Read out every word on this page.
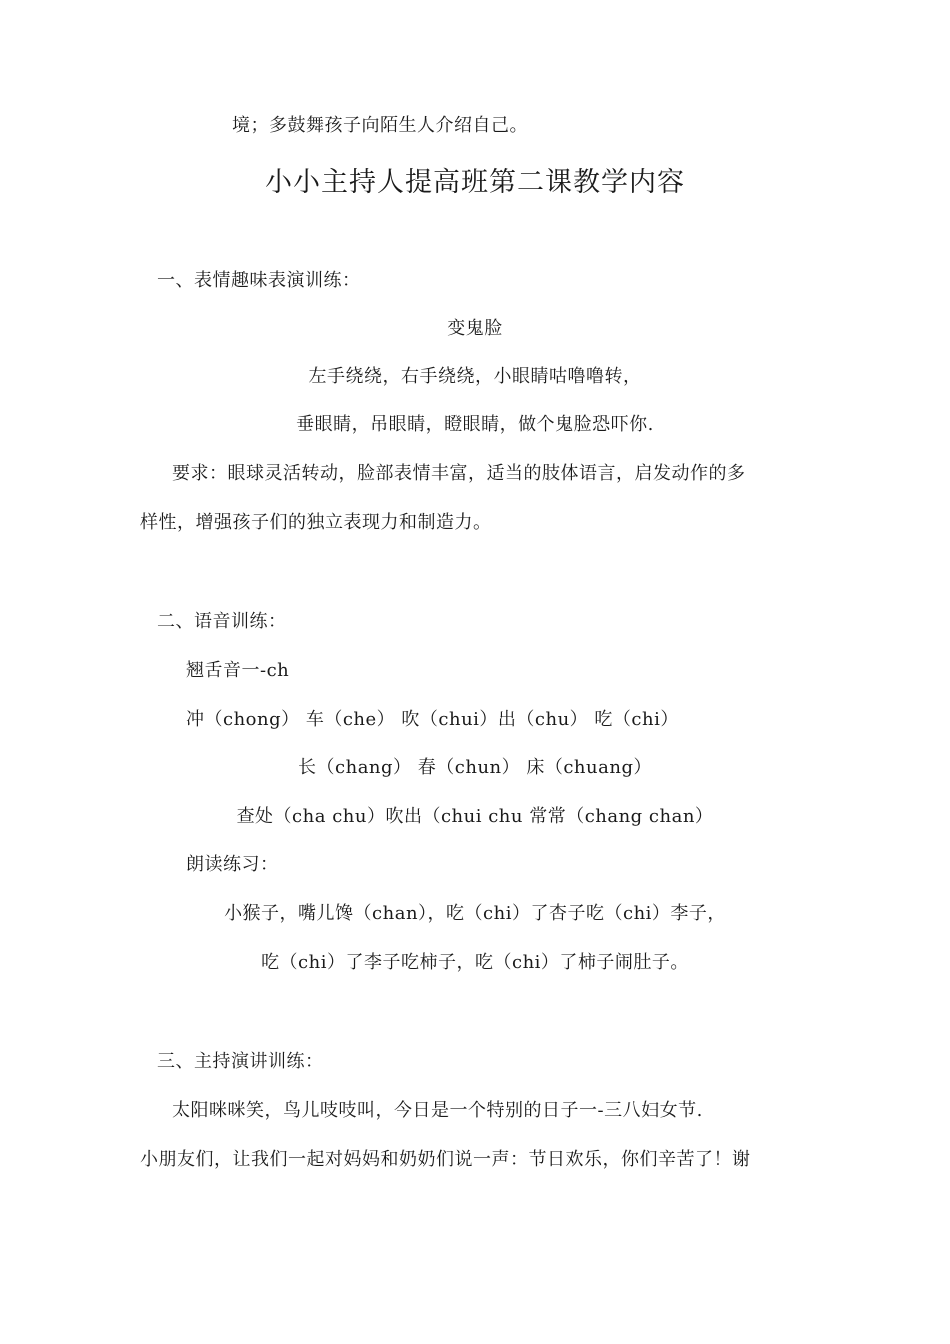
境；多鼓舞孩子向陌生人介绍自己。
小小主持人提高班第二课教学内容
一、表情趣味表演训练：
变鬼脸
左手绕绕，右手绕绕，小眼睛咕噜噜转，
垂眼睛，吊眼睛，瞪眼睛，做个鬼脸恐吓你.
要求：眼球灵活转动，脸部表情丰富，适当的肢体语言，启发动作的多
样性，增强孩子们的独立表现力和制造力。
二、语音训练：
翘舌音一-ch
冲（chong） 车（che） 吹（chui）出（chu） 吃（chi）
长（chang） 春（chun） 床（chuang）
查处（cha chu）吹出（chui chu 常常（chang chan）
朗读练习：
小猴子，嘴儿馋（chan），吃（chi）了杏子吃（chi）李子，
吃（chi）了李子吃柿子，吃（chi）了柿子闹肚子。
三、主持演讲训练：
太阳咪咪笑，鸟儿吱吱叫，今日是一个特别的日子一-三八妇女节.
小朋友们，让我们一起对妈妈和奶奶们说一声：节日欢乐，你们辛苦了！谢
